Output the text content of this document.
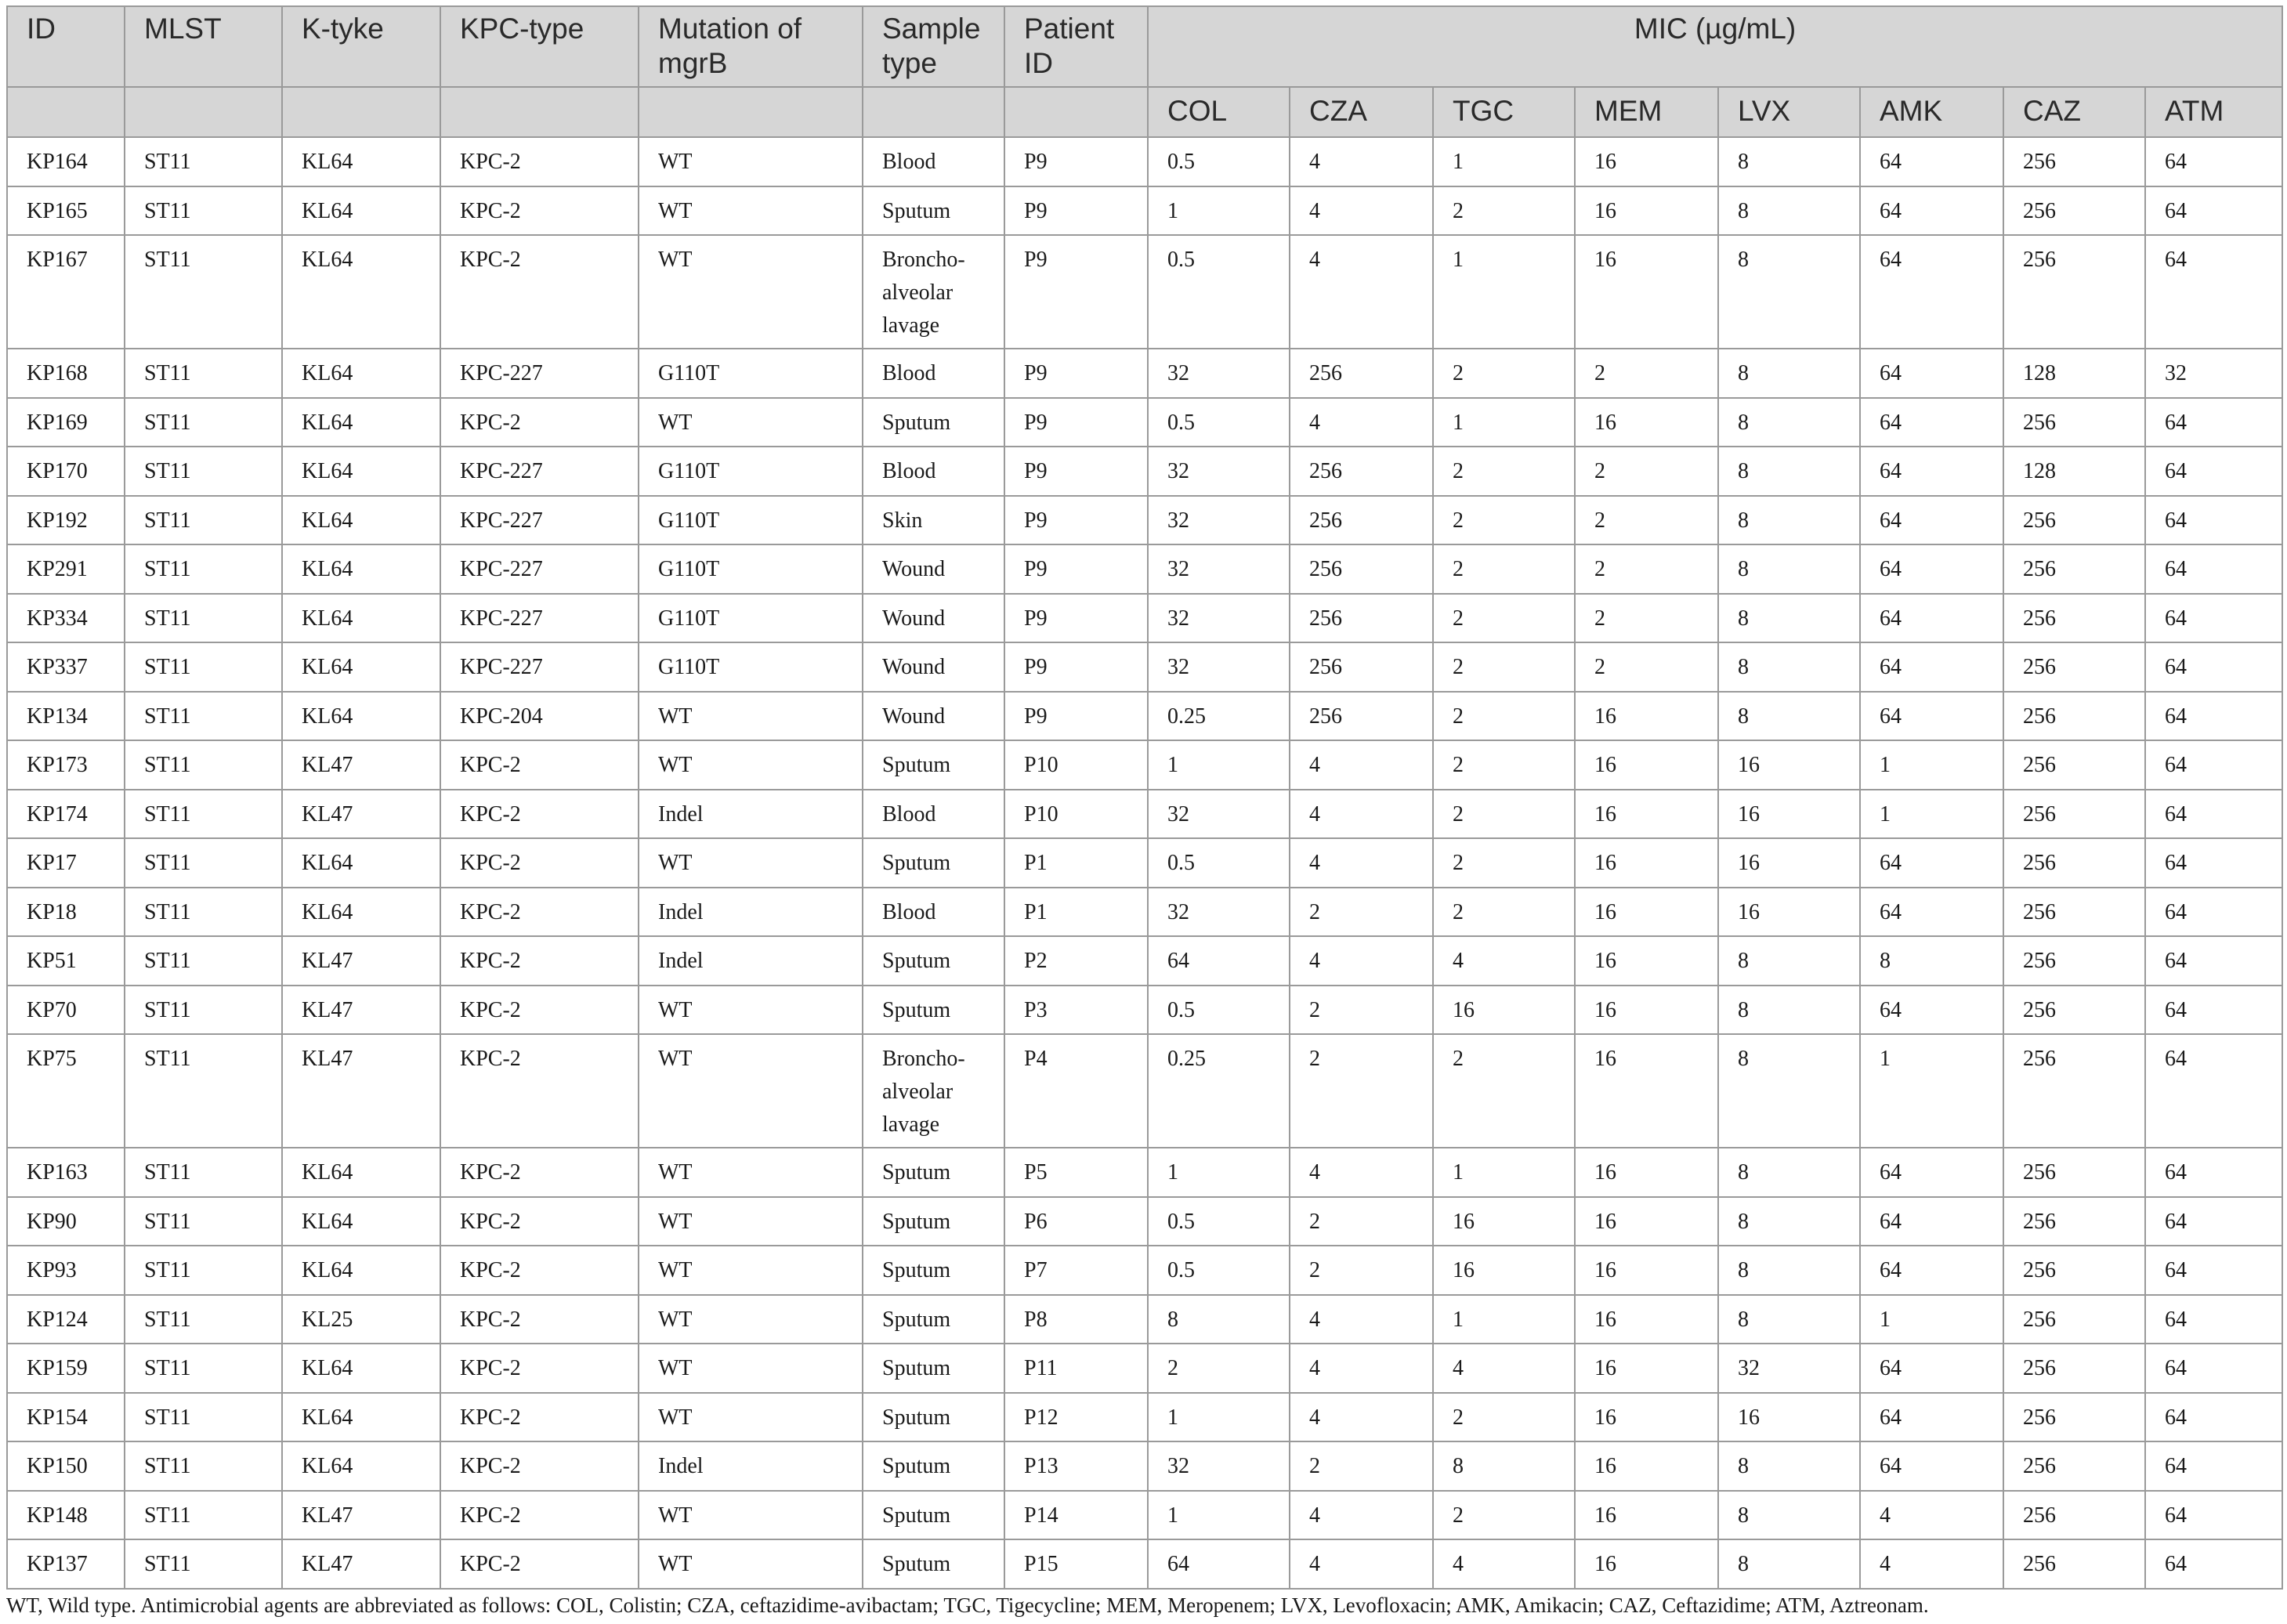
ID	MLST	K-tyke	KPC-type	Mutation of mgrB	Sample type	Patient ID	MIC (µg/mL)							
							COL	CZA	TGC	MEM	LVX	AMK	CAZ	ATM
KP164	ST11	KL64	KPC-2	WT	Blood	P9	0.5	4	1	16	8	64	256	64
KP165	ST11	KL64	KPC-2	WT	Sputum	P9	1	4	2	16	8	64	256	64
KP167	ST11	KL64	KPC-2	WT	Broncho-alveolar lavage	P9	0.5	4	1	16	8	64	256	64
KP168	ST11	KL64	KPC-227	G110T	Blood	P9	32	256	2	2	8	64	128	32
KP169	ST11	KL64	KPC-2	WT	Sputum	P9	0.5	4	1	16	8	64	256	64
KP170	ST11	KL64	KPC-227	G110T	Blood	P9	32	256	2	2	8	64	128	64
KP192	ST11	KL64	KPC-227	G110T	Skin	P9	32	256	2	2	8	64	256	64
KP291	ST11	KL64	KPC-227	G110T	Wound	P9	32	256	2	2	8	64	256	64
KP334	ST11	KL64	KPC-227	G110T	Wound	P9	32	256	2	2	8	64	256	64
KP337	ST11	KL64	KPC-227	G110T	Wound	P9	32	256	2	2	8	64	256	64
KP134	ST11	KL64	KPC-204	WT	Wound	P9	0.25	256	2	16	8	64	256	64
KP173	ST11	KL47	KPC-2	WT	Sputum	P10	1	4	2	16	16	1	256	64
KP174	ST11	KL47	KPC-2	Indel	Blood	P10	32	4	2	16	16	1	256	64
KP17	ST11	KL64	KPC-2	WT	Sputum	P1	0.5	4	2	16	16	64	256	64
KP18	ST11	KL64	KPC-2	Indel	Blood	P1	32	2	2	16	16	64	256	64
KP51	ST11	KL47	KPC-2	Indel	Sputum	P2	64	4	4	16	8	8	256	64
KP70	ST11	KL47	KPC-2	WT	Sputum	P3	0.5	2	16	16	8	64	256	64
KP75	ST11	KL47	KPC-2	WT	Broncho-alveolar lavage	P4	0.25	2	2	16	8	1	256	64
KP163	ST11	KL64	KPC-2	WT	Sputum	P5	1	4	1	16	8	64	256	64
KP90	ST11	KL64	KPC-2	WT	Sputum	P6	0.5	2	16	16	8	64	256	64
KP93	ST11	KL64	KPC-2	WT	Sputum	P7	0.5	2	16	16	8	64	256	64
KP124	ST11	KL25	KPC-2	WT	Sputum	P8	8	4	1	16	8	1	256	64
KP159	ST11	KL64	KPC-2	WT	Sputum	P11	2	4	4	16	32	64	256	64
KP154	ST11	KL64	KPC-2	WT	Sputum	P12	1	4	2	16	16	64	256	64
KP150	ST11	KL64	KPC-2	Indel	Sputum	P13	32	2	8	16	8	64	256	64
KP148	ST11	KL47	KPC-2	WT	Sputum	P14	1	4	2	16	8	4	256	64
KP137	ST11	KL47	KPC-2	WT	Sputum	P15	64	4	4	16	8	4	256	64
WT, Wild type. Antimicrobial agents are abbreviated as follows: COL, Colistin; CZA, ceftazidime-avibactam; TGC, Tigecycline; MEM, Meropenem; LVX, Levofloxacin; AMK, Amikacin; CAZ, Ceftazidime; ATM, Aztreonam.
